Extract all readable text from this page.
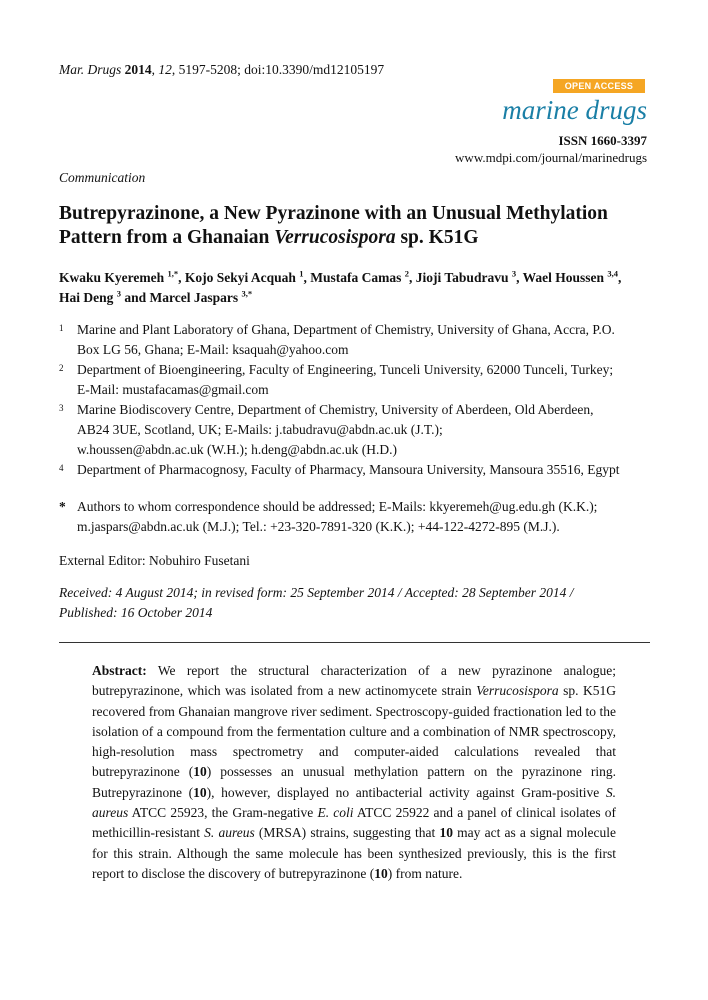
Mar. Drugs 2014, 12, 5197-5208; doi:10.3390/md12105197
OPEN ACCESS
marine drugs
ISSN 1660-3397
www.mdpi.com/journal/marinedrugs
Communication
Butrepyrazinone, a New Pyrazinone with an Unusual Methylation
Pattern from a Ghanaian Verrucosispora sp. K51G
Kwaku Kyeremeh $^{1,*}$, Kojo Sekyi Acquah $^1$, Mustafa Camas $^2$, Jioji Tabudravu $^3$, Wael Houssen $^{3,4}$,
Hai Deng $^3$ and Marcel Jaspars $^{3,*}$
1 Marine and Plant Laboratory of Ghana, Department of Chemistry, University of Ghana, Accra, P.O.
Box LG 56, Ghana; E-Mail: ksaquah@yahoo.com
2 Department of Bioengineering, Faculty of Engineering, Tunceli University, 62000 Tunceli, Turkey;
E-Mail: mustafacamas@gmail.com
3 Marine Biodiscovery Centre, Department of Chemistry, University of Aberdeen, Old Aberdeen,
AB24 3UE, Scotland, UK; E-Mails: j.tabudravu@abdn.ac.uk (J.T.);
w.houssen@abdn.ac.uk (W.H.); h.deng@abdn.ac.uk (H.D.)
4 Department of Pharmacognosy, Faculty of Pharmacy, Mansoura University, Mansoura 35516, Egypt
* Authors to whom correspondence should be addressed; E-Mails: kkyeremeh@ug.edu.gh (K.K.);
m.jaspars@abdn.ac.uk (M.J.); Tel.: +23-320-7891-320 (K.K.); +44-122-4272-895 (M.J.).
External Editor: Nobuhiro Fusetani
Received: 4 August 2014; in revised form: 25 September 2014 / Accepted: 28 September 2014 /
Published: 16 October 2014
Abstract: We report the structural characterization of a new pyrazinone analogue; butrepyrazinone, which was isolated from a new actinomycete strain Verrucosispora sp. K51G recovered from Ghanaian mangrove river sediment. Spectroscopy-guided fractionation led to the isolation of a compound from the fermentation culture and a combination of NMR spectroscopy, high-resolution mass spectrometry and computer-aided calculations revealed that butrepyrazinone (10) possesses an unusual methylation pattern on the pyrazinone ring. Butrepyrazinone (10), however, displayed no antibacterial activity against Gram-positive S. aureus ATCC 25923, the Gram-negative E. coli ATCC 25922 and a panel of clinical isolates of methicillin-resistant S. aureus (MRSA) strains, suggesting that 10 may act as a signal molecule for this strain. Although the same molecule has been synthesized previously, this is the first report to disclose the discovery of butrepyrazinone (10) from nature.
